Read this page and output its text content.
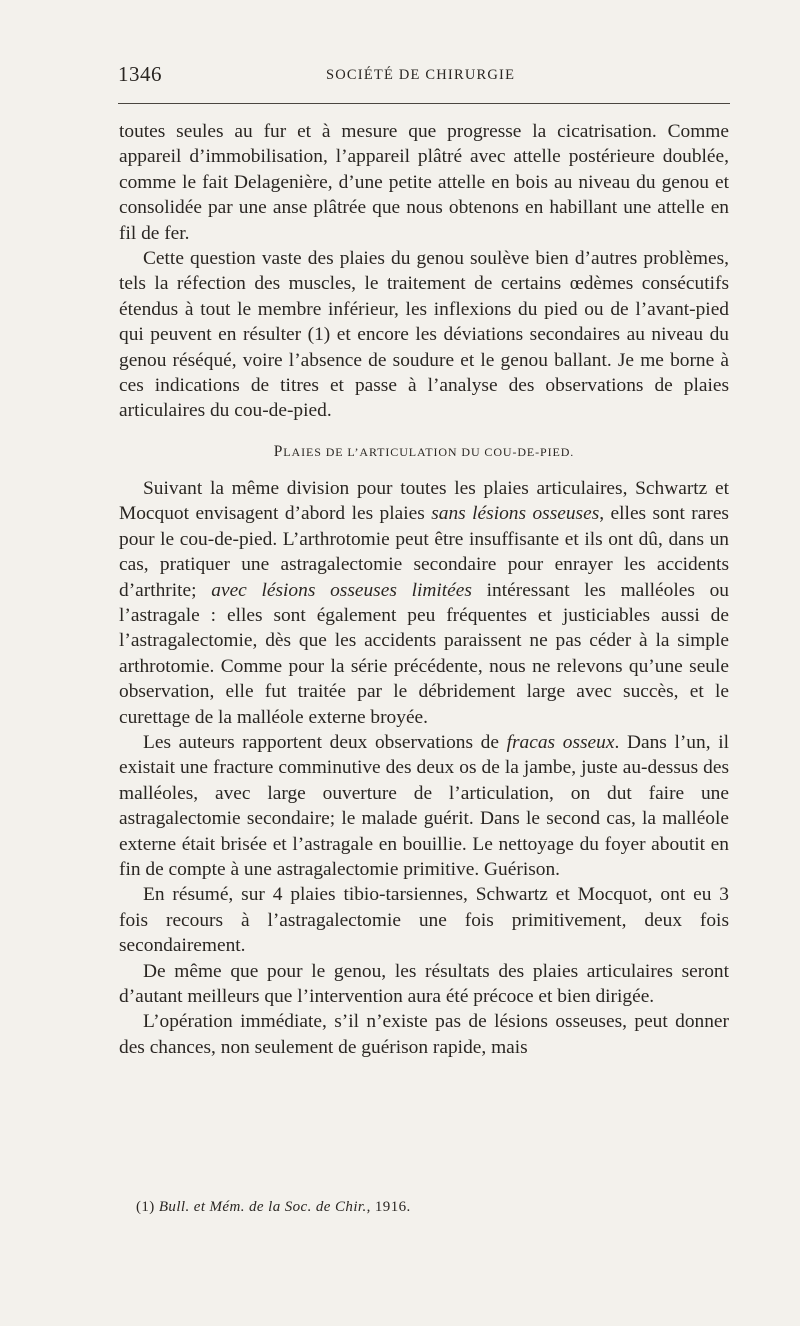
1346	SOCIÉTÉ DE CHIRURGIE

toutes seules au fur et à mesure que progresse la cicatrisation. Comme appareil d’immobilisation, l’appareil plâtré avec attelle postérieure doublée, comme le fait Delagenière, d’une petite attelle en bois au niveau du genou et consolidée par une anse plâtrée que nous obtenons en habillant une attelle en fil de fer.

Cette question vaste des plaies du genou soulève bien d’autres problèmes, tels la réfection des muscles, le traitement de certains œdèmes consécutifs étendus à tout le membre inférieur, les inflexions du pied ou de l’avant-pied qui peuvent en résulter (1) et encore les déviations secondaires au niveau du genou réséqué, voire l’absence de soudure et le genou ballant. Je me borne à ces indications de titres et passe à l’analyse des observations de plaies articulaires du cou-de-pied.

PLAIES DE L’ARTICULATION DU COU-DE-PIED.

Suivant la même division pour toutes les plaies articulaires, Schwartz et Mocquot envisagent d’abord les plaies sans lésions osseuses, elles sont rares pour le cou-de-pied. L’arthrotomie peut être insuffisante et ils ont dû, dans un cas, pratiquer une astragalectomie secondaire pour enrayer les accidents d’arthrite; avec lésions osseuses limitées intéressant les malléoles ou l’astragale : elles sont également peu fréquentes et justiciables aussi de l’astragalectomie, dès que les accidents paraissent ne pas céder à la simple arthrotomie. Comme pour la série précédente, nous ne relevons qu’une seule observation, elle fut traitée par le débridement large avec succès, et le curettage de la malléole externe broyée.

Les auteurs rapportent deux observations de fracas osseux. Dans l’un, il existait une fracture comminutive des deux os de la jambe, juste au-dessus des malléoles, avec large ouverture de l’articulation, on dut faire une astragalectomie secondaire; le malade guérit. Dans le second cas, la malléole externe était brisée et l’astragale en bouillie. Le nettoyage du foyer aboutit en fin de compte à une astragalectomie primitive. Guérison.

En résumé, sur 4 plaies tibio-tarsiennes, Schwartz et Mocquot, ont eu 3 fois recours à l’astragalectomie une fois primitivement, deux fois secondairement.

De même que pour le genou, les résultats des plaies articulaires seront d’autant meilleurs que l’intervention aura été précoce et bien dirigée.

L’opération immédiate, s’il n’existe pas de lésions osseuses, peut donner des chances, non seulement de guérison rapide, mais

(1) Bull. et Mém. de la Soc. de Chir., 1916.
